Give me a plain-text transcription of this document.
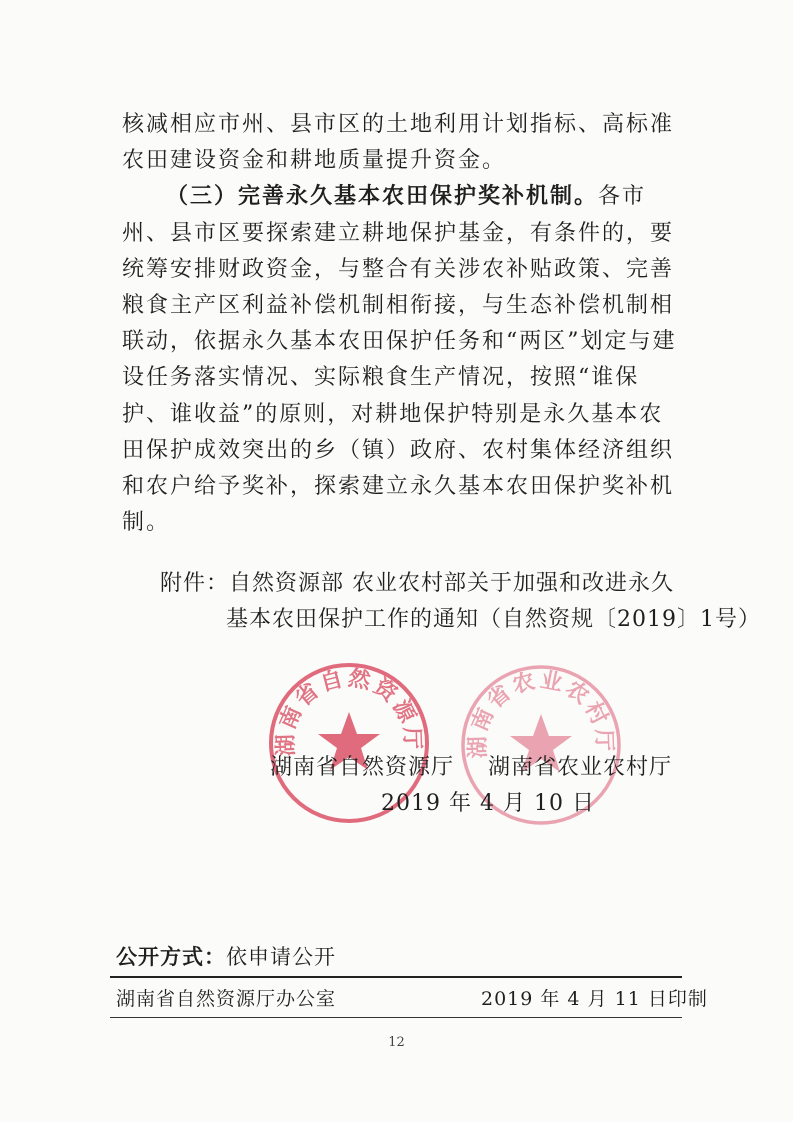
核减相应市州、县市区的土地利用计划指标、高标准农田建设资金和耕地质量提升资金。

（三）完善永久基本农田保护奖补机制。各市州、县市区要探索建立耕地保护基金，有条件的，要统筹安排财政资金，与整合有关涉农补贴政策、完善粮食主产区利益补偿机制相衔接，与生态补偿机制相联动，依据永久基本农田保护任务和“两区”划定与建设任务落实情况、实际粮食生产情况，按照“谁保护、谁收益”的原则，对耕地保护特别是永久基本农田保护成效突出的乡（镇）政府、农村集体经济组织和农户给予奖补，探索建立永久基本农田保护奖补机制。

附件：自然资源部 农业农村部关于加强和改进永久
基本农田保护工作的通知（自然资规〔2019〕1号）
湖南省自然资源厅 湖南省农业农村厅
湖南省自然资源厅 湖南省农业农村厅
2019 年 4 月 10 日
公开方式：依申请公开
湖南省自然资源厅办公室	2019 年 4 月 11 日印制
12
